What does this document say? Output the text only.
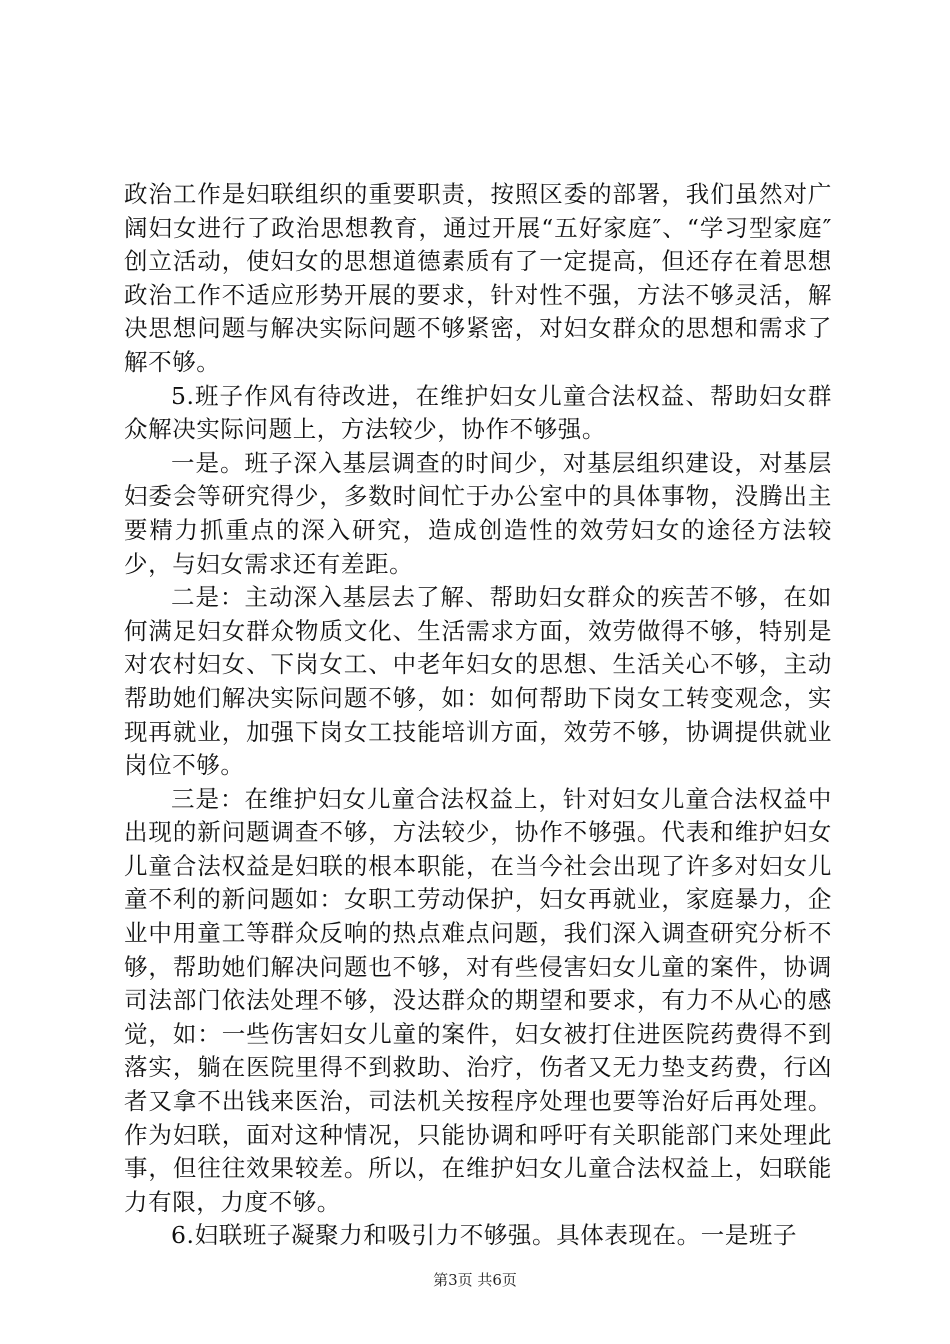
政治工作是妇联组织的重要职责，按照区委的部署，我们虽然对广阔妇女进行了政治思想教育，通过开展“五好家庭″、“学习型家庭″创立活动，使妇女的思想道德素质有了一定提高，但还存在着思想政治工作不适应形势开展的要求，针对性不强，方法不够灵活，解决思想问题与解决实际问题不够紧密，对妇女群众的思想和需求了解不够。

5.班子作风有待改进，在维护妇女儿童合法权益、帮助妇女群众解决实际问题上，方法较少，协作不够强。

一是。班子深入基层调查的时间少，对基层组织建设，对基层妇委会等研究得少，多数时间忙于办公室中的具体事物，没腾出主要精力抓重点的深入研究，造成创造性的效劳妇女的途径方法较少，与妇女需求还有差距。

二是：主动深入基层去了解、帮助妇女群众的疾苦不够，在如何满足妇女群众物质文化、生活需求方面，效劳做得不够，特别是对农村妇女、下岗女工、中老年妇女的思想、生活关心不够，主动帮助她们解决实际问题不够，如：如何帮助下岗女工转变观念，实现再就业，加强下岗女工技能培训方面，效劳不够，协调提供就业岗位不够。

三是：在维护妇女儿童合法权益上，针对妇女儿童合法权益中出现的新问题调查不够，方法较少，协作不够强。代表和维护妇女儿童合法权益是妇联的根本职能，在当今社会出现了许多对妇女儿童不利的新问题如：女职工劳动保护，妇女再就业，家庭暴力，企业中用童工等群众反响的热点难点问题，我们深入调查研究分析不够，帮助她们解决问题也不够，对有些侵害妇女儿童的案件，协调司法部门依法处理不够，没达群众的期望和要求，有力不从心的感觉，如：一些伤害妇女儿童的案件，妇女被打住进医院药费得不到落实，躺在医院里得不到救助、治疗，伤者又无力垫支药费，行凶者又拿不出钱来医治，司法机关按程序处理也要等治好后再处理。作为妇联，面对这种情况，只能协调和呼吁有关职能部门来处理此事，但往往效果较差。所以，在维护妇女儿童合法权益上，妇联能力有限，力度不够。

6.妇联班子凝聚力和吸引力不够强。具体表现在。一是班子

第3页 共6页
